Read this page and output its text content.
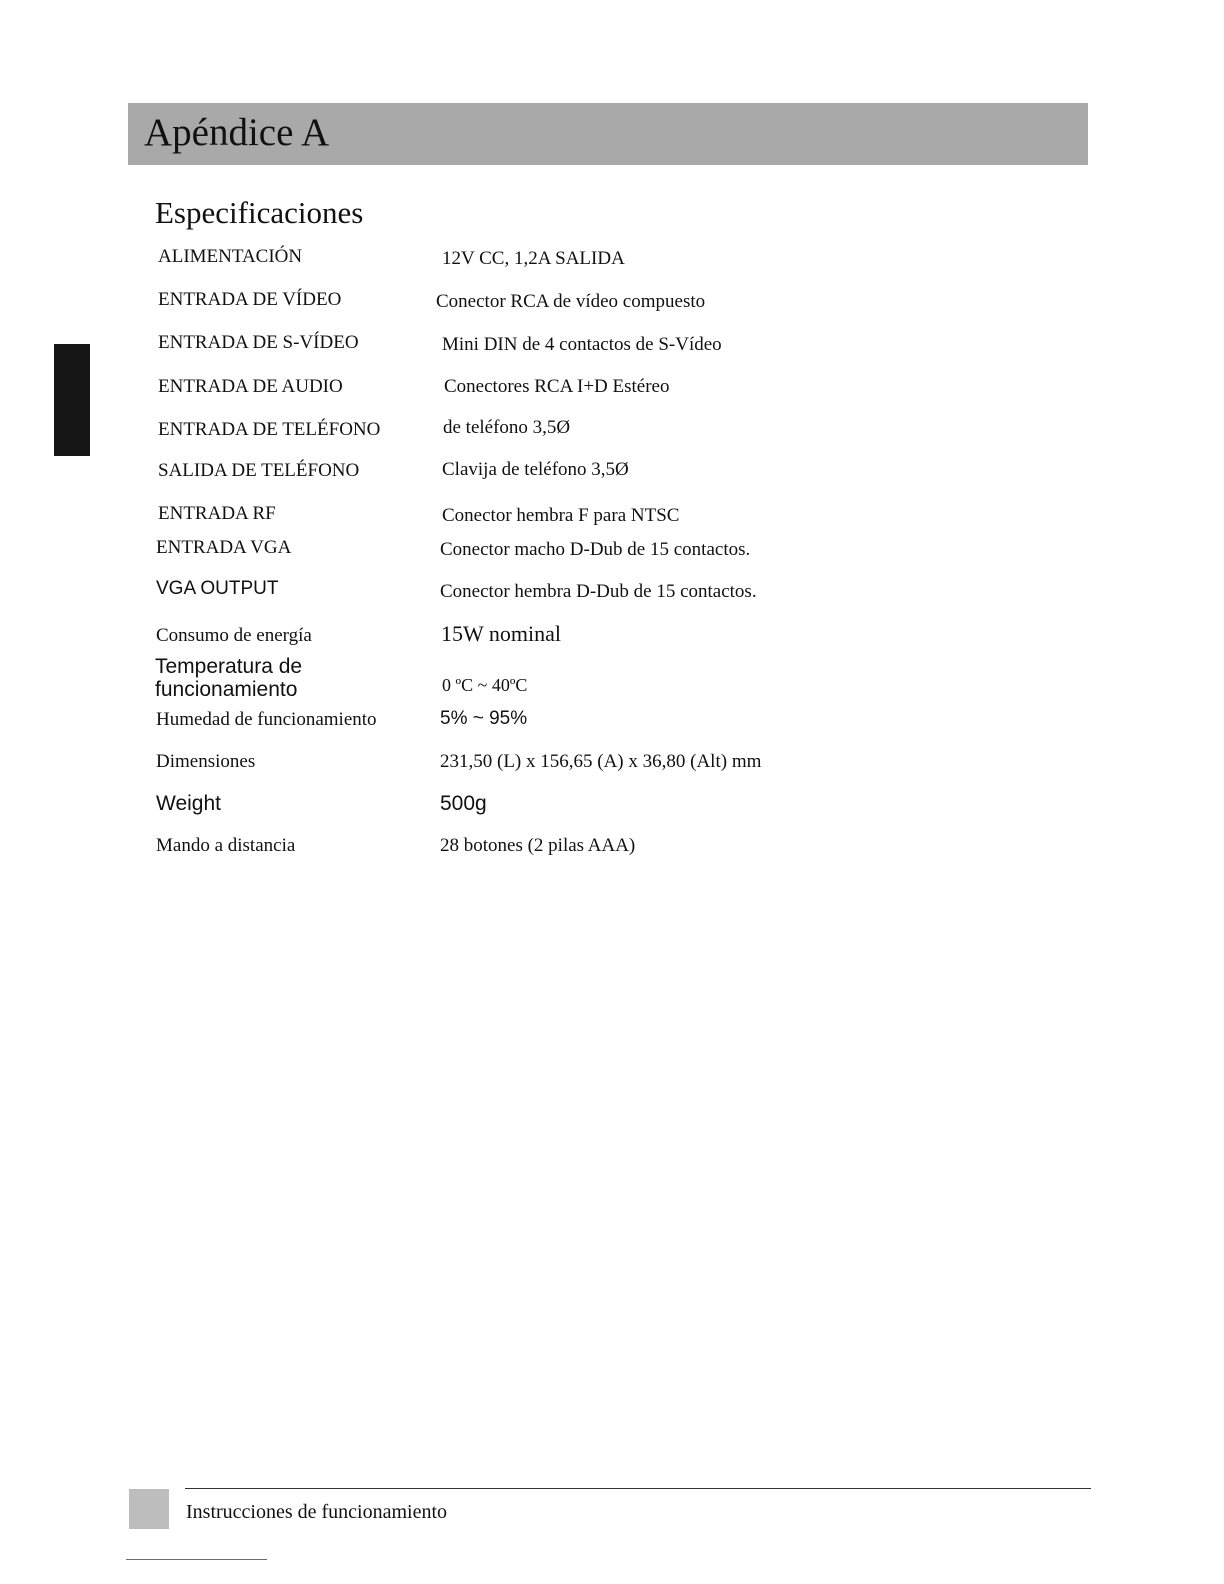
Apéndice A
Especificaciones
ALIMENTACIÓN	12V CC, 1,2A SALIDA
ENTRADA DE VÍDEO	Conector RCA de vídeo compuesto
ENTRADA DE S-VÍDEO	Mini DIN de 4 contactos de S-Vídeo
ENTRADA DE AUDIO	Conectores RCA I+D Estéreo
ENTRADA DE TELÉFONO	de teléfono 3,5Ø
SALIDA DE TELÉFONO	Clavija de teléfono 3,5Ø
ENTRADA RF	Conector hembra F para NTSC
ENTRADA VGA	Conector macho D-Dub de 15 contactos.
VGA OUTPUT	Conector hembra D-Dub de 15 contactos.
Consumo de energía	15W nominal
Temperatura de funcionamiento	0 ºC ~ 40ºC
Humedad de funcionamiento	5% ~ 95%
Dimensiones	231,50 (L) x 156,65 (A) x 36,80 (Alt) mm
Weight	500g
Mando a distancia	28 botones (2 pilas AAA)
Instrucciones de funcionamiento
